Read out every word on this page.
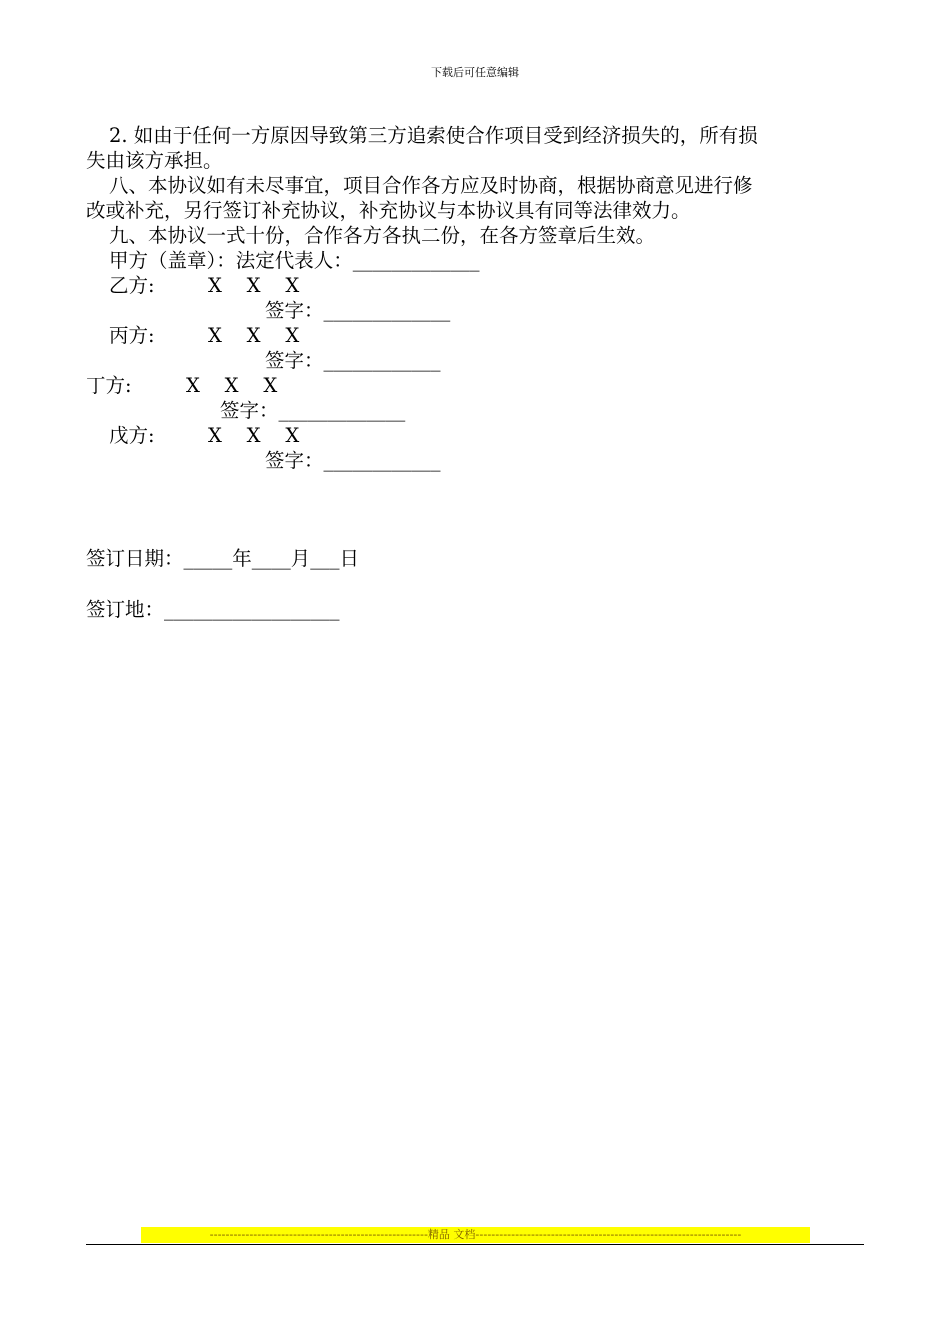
下载后可任意编辑
2. 如由于任何一方原因导致第三方追索使合作项目受到经济损失的，所有损
失由该方承担。
八、本协议如有未尽事宜，项目合作各方应及时协商，根据协商意见进行修
改或补充，另行签订补充协议，补充协议与本协议具有同等法律效力。
九、本协议一式十份，合作各方各执二份，在各方签章后生效。
甲方（盖章）：法定代表人：_____________
乙方:	X    X    X
签字：_____________
丙方:	X    X    X
签字：____________
丁方:	X    X    X
签字：_____________
戊方:	X    X    X
签字：____________
签订日期：_____年____月___日
签订地：__________________
-------------------------------------------------------精品 文档-------------------------------------------------------------------
